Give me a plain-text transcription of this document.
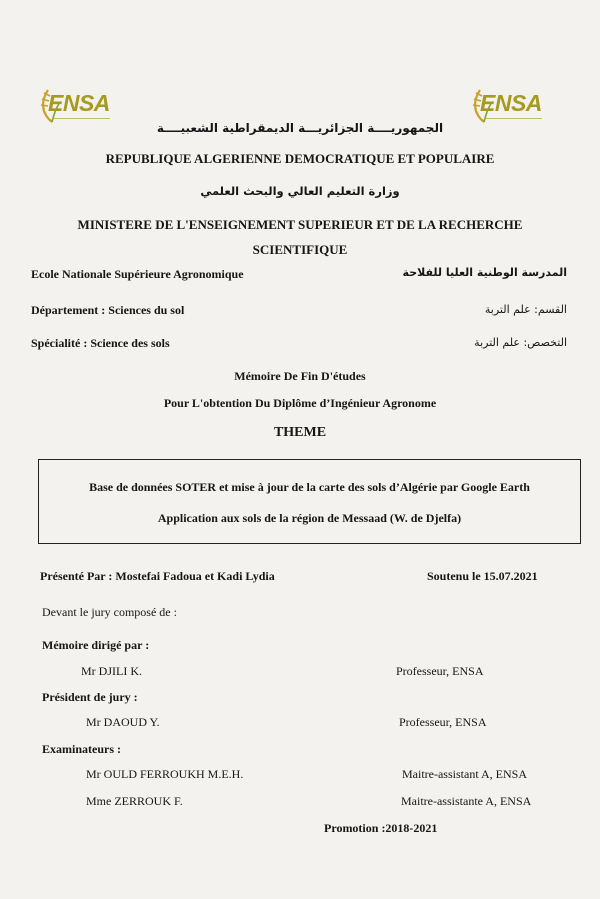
ENSA	ENSA
الجمهوريــــة الجزائريـــة الديمقراطية الشعبيــــة
REPUBLIQUE ALGERIENNE DEMOCRATIQUE ET POPULAIRE
وزارة التعليم العالي والبحث العلمي
MINISTERE DE L'ENSEIGNEMENT SUPERIEUR ET DE LA RECHERCHE
SCIENTIFIQUE
Ecole Nationale Supérieure Agronomique	المدرسة الوطنية العليا للفلاحة
Département : Sciences du sol	القسم: علم التربة
Spécialité : Science des sols	التخصص: علم التربة
Mémoire De Fin D'études
Pour L'obtention Du Diplôme d’Ingénieur Agronome
THEME
Base de données SOTER et mise à jour de la carte des sols d’Algérie par Google Earth
Application aux sols de la région de Messaad (W. de Djelfa)
Présenté Par : Mostefai Fadoua et Kadi Lydia	Soutenu le 15.07.2021
Devant le jury composé de :
Mémoire dirigé par :
Mr DJILI K.	Professeur, ENSA
Président de jury :
Mr DAOUD Y.	Professeur, ENSA
Examinateurs :
Mr OULD FERROUKH M.E.H.	Maitre-assistant A, ENSA
Mme ZERROUK F.	Maitre-assistante A, ENSA
Promotion :2018-2021
